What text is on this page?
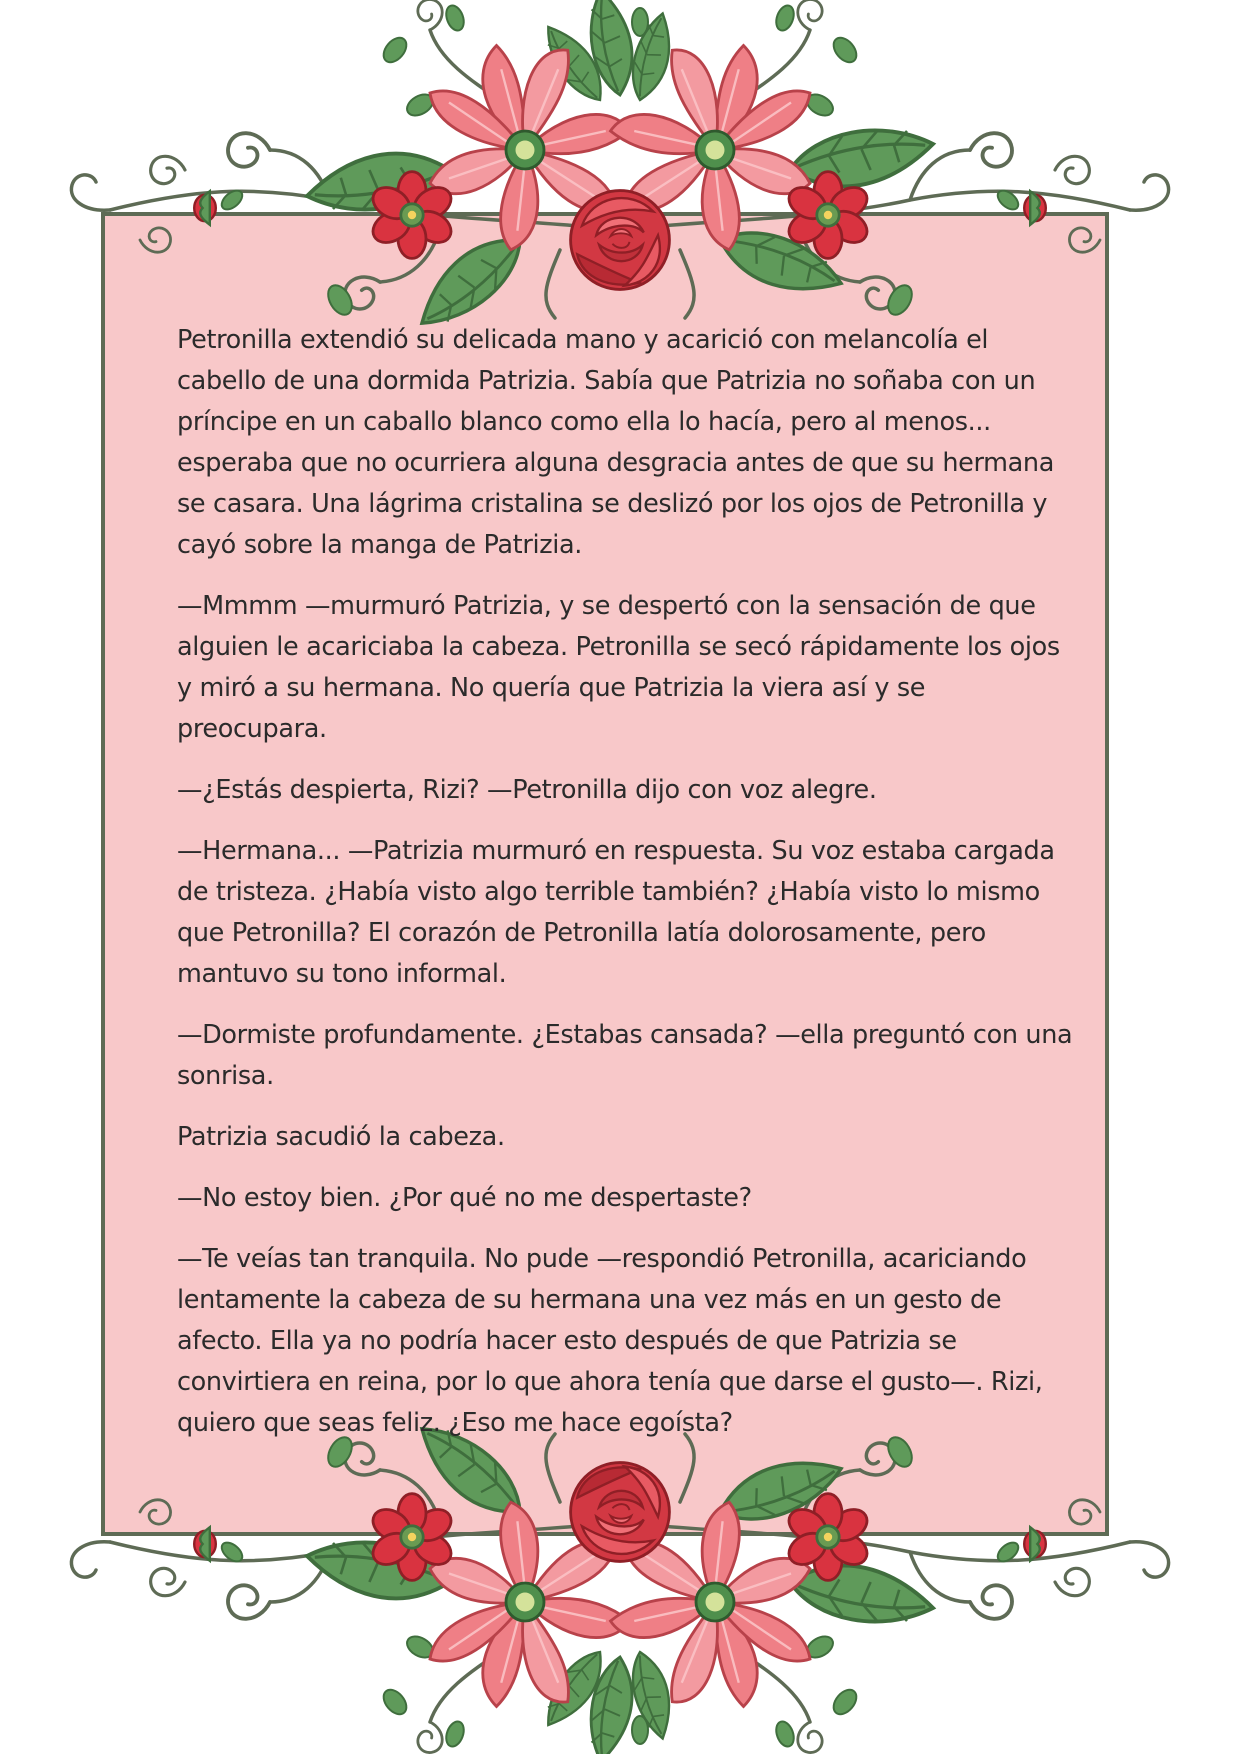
Petronilla extendió su delicada mano y acarició con melancolía el cabello de una dormida Patrizia. Sabía que Patrizia no soñaba con un príncipe en un caballo blanco como ella lo hacía, pero al menos... esperaba que no ocurriera alguna desgracia antes de que su hermana se casara. Una lágrima cristalina se deslizó por los ojos de Petronilla y cayó sobre la manga de Patrizia.

—Mmmm —murmuró Patrizia, y se despertó con la sensación de que alguien le acariciaba la cabeza. Petronilla se secó rápidamente los ojos y miró a su hermana. No quería que Patrizia la viera así y se preocupara.

—¿Estás despierta, Rizi? —Petronilla dijo con voz alegre.

—Hermana... —Patrizia murmuró en respuesta. Su voz estaba cargada de tristeza. ¿Había visto algo terrible también? ¿Había visto lo mismo que Petronilla? El corazón de Petronilla latía dolorosamente, pero mantuvo su tono informal.

—Dormiste profundamente. ¿Estabas cansada? —ella preguntó con una sonrisa.

Patrizia sacudió la cabeza.

—No estoy bien. ¿Por qué no me despertaste?

—Te veías tan tranquila. No pude —respondió Petronilla, acariciando lentamente la cabeza de su hermana una vez más en un gesto de afecto. Ella ya no podría hacer esto después de que Patrizia se convirtiera en reina, por lo que ahora tenía que darse el gusto—. Rizi, quiero que seas feliz. ¿Eso me hace egoísta?
